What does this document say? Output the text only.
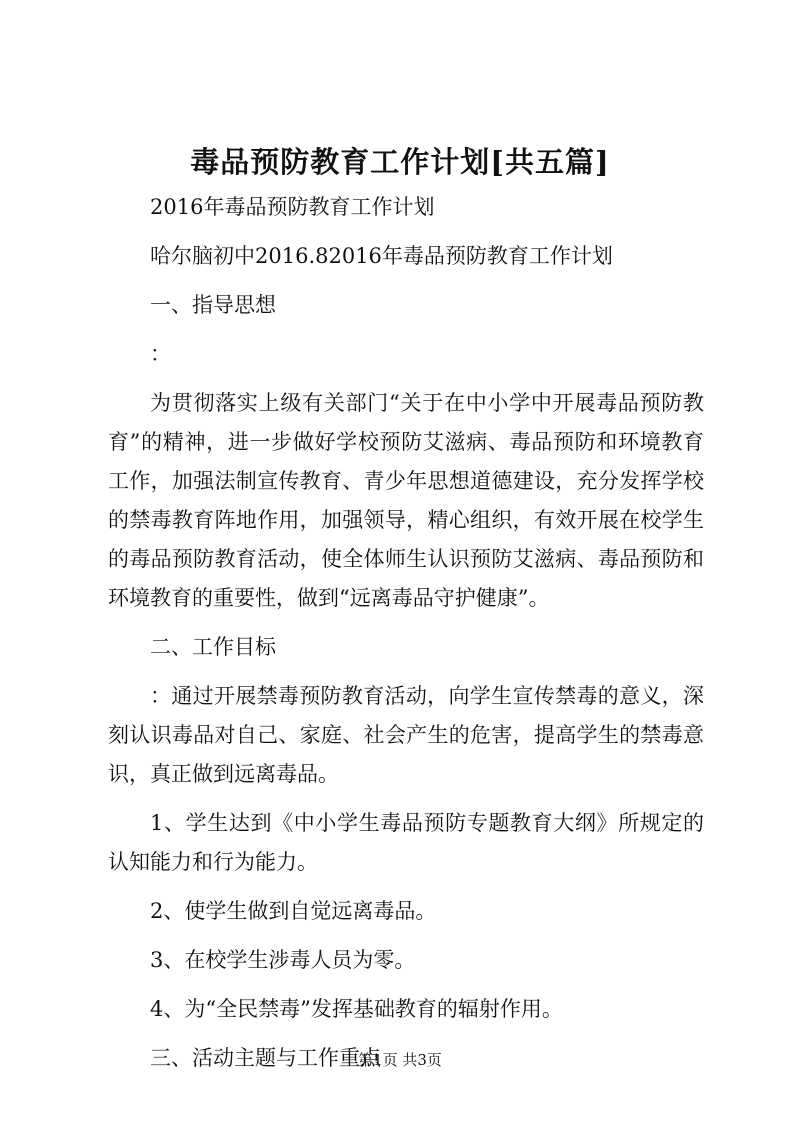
毒品预防教育工作计划[共五篇]

2016年毒品预防教育工作计划

哈尔脑初中2016.82016年毒品预防教育工作计划

一、指导思想

：

为贯彻落实上级有关部门“关于在中小学中开展毒品预防教育”的精神，进一步做好学校预防艾滋病、毒品预防和环境教育工作，加强法制宣传教育、青少年思想道德建设，充分发挥学校的禁毒教育阵地作用，加强领导，精心组织，有效开展在校学生的毒品预防教育活动，使全体师生认识预防艾滋病、毒品预防和环境教育的重要性，做到“远离毒品守护健康”。

二、工作目标

：通过开展禁毒预防教育活动，向学生宣传禁毒的意义，深刻认识毒品对自己、家庭、社会产生的危害，提高学生的禁毒意识，真正做到远离毒品。

1、学生达到《中小学生毒品预防专题教育大纲》所规定的认知能力和行为能力。

2、使学生做到自觉远离毒品。

3、在校学生涉毒人员为零。

4、为“全民禁毒”发挥基础教育的辐射作用。

三、活动主题与工作重点

第1页 共3页
